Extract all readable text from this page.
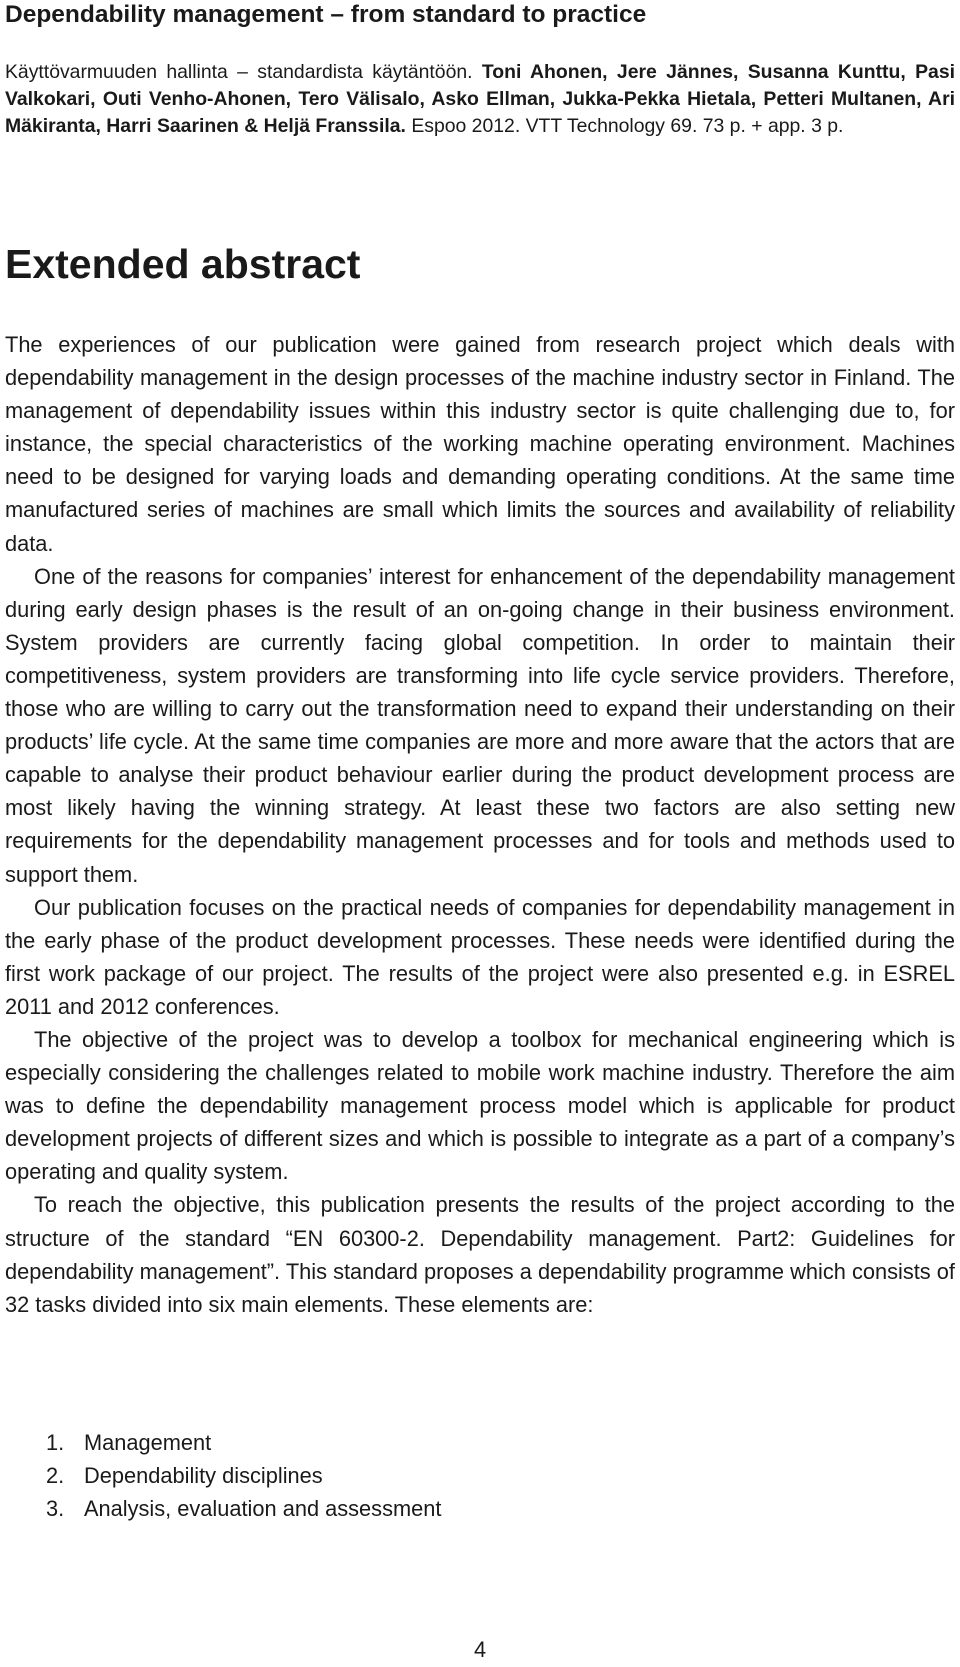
Dependability management – from standard to practice

Käyttövarmuuden hallinta – standardista käytäntöön. Toni Ahonen, Jere Jännes, Susanna Kunttu, Pasi Valkokari, Outi Venho-Ahonen, Tero Välisalo, Asko Ellman, Jukka-Pekka Hietala, Petteri Multanen, Ari Mäkiranta, Harri Saarinen & Heljä Franssila. Espoo 2012. VTT Technology 69. 73 p. + app. 3 p.

Extended abstract

The experiences of our publication were gained from research project which deals with dependability management in the design processes of the machine industry sector in Finland. The management of dependability issues within this industry sector is quite challenging due to, for instance, the special characteristics of the working machine operating environment. Machines need to be designed for varying loads and demanding operating conditions. At the same time manufactured series of machines are small which limits the sources and availability of reliability data.

One of the reasons for companies’ interest for enhancement of the dependability management during early design phases is the result of an on-going change in their business environment. System providers are currently facing global competition. In order to maintain their competitiveness, system providers are transforming into life cycle service providers. Therefore, those who are willing to carry out the transformation need to expand their understanding on their products’ life cycle. At the same time companies are more and more aware that the actors that are capable to analyse their product behaviour earlier during the product development process are most likely having the winning strategy. At least these two factors are also setting new requirements for the dependability management processes and for tools and methods used to support them.

Our publication focuses on the practical needs of companies for dependability management in the early phase of the product development processes. These needs were identified during the first work package of our project. The results of the project were also presented e.g. in ESREL 2011 and 2012 conferences.

The objective of the project was to develop a toolbox for mechanical engineering which is especially considering the challenges related to mobile work machine industry. Therefore the aim was to define the dependability management process model which is applicable for product development projects of different sizes and which is possible to integrate as a part of a company’s operating and quality system.

To reach the objective, this publication presents the results of the project according to the structure of the standard “EN 60300-2. Dependability management. Part2: Guidelines for dependability management”. This standard proposes a dependability programme which consists of 32 tasks divided into six main elements. These elements are:

1. Management
2. Dependability disciplines
3. Analysis, evaluation and assessment
4
